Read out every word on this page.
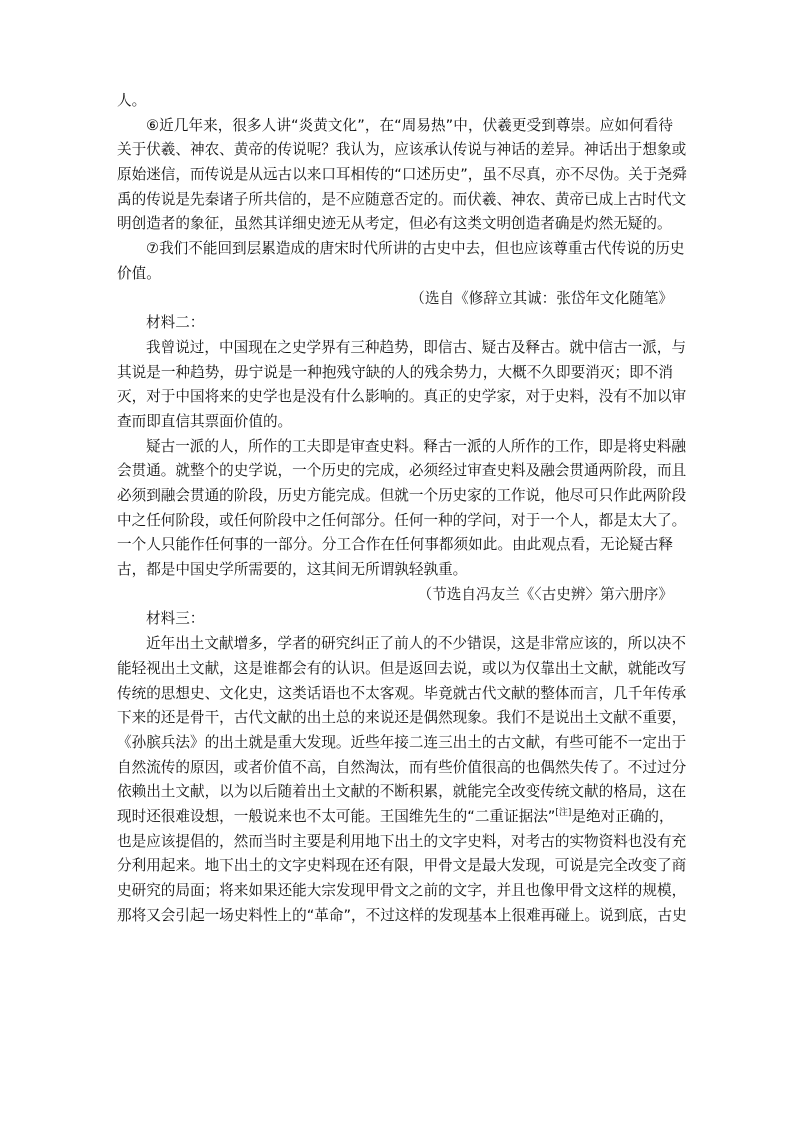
人。
⑥近几年来，很多人讲“炎黄文化”，在“周易热”中，伏羲更受到尊崇。应如何看待
关于伏羲、神农、黄帝的传说呢？我认为，应该承认传说与神话的差异。神话出于想象或
原始迷信，而传说是从远古以来口耳相传的“口述历史”，虽不尽真，亦不尽伪。关于尧舜
禹的传说是先秦诸子所共信的，是不应随意否定的。而伏羲、神农、黄帝已成上古时代文
明创造者的象征，虽然其详细史迹无从考定，但必有这类文明创造者确是灼然无疑的。
⑦我们不能回到层累造成的唐宋时代所讲的古史中去，但也应该尊重古代传说的历史
价值。
（选自《修辞立其诚：张岱年文化随笔》
材料二：
我曾说过，中国现在之史学界有三种趋势，即信古、疑古及释古。就中信古一派，与
其说是一种趋势，毋宁说是一种抱残守缺的人的残余势力，大概不久即要消灭；即不消
灭，对于中国将来的史学也是没有什么影响的。真正的史学家，对于史料，没有不加以审
查而即直信其票面价值的。
疑古一派的人，所作的工夫即是审查史料。释古一派的人所作的工作，即是将史料融
会贯通。就整个的史学说，一个历史的完成，必须经过审查史料及融会贯通两阶段，而且
必须到融会贯通的阶段，历史方能完成。但就一个历史家的工作说，他尽可只作此两阶段
中之任何阶段，或任何阶段中之任何部分。任何一种的学问，对于一个人，都是太大了。
一个人只能作任何事的一部分。分工合作在任何事都须如此。由此观点看，无论疑古释
古，都是中国史学所需要的，这其间无所谓孰轻孰重。
（节选自冯友兰《〈古史辨〉第六册序》
材料三：
近年出土文献增多，学者的研究纠正了前人的不少错误，这是非常应该的，所以决不
能轻视出土文献，这是谁都会有的认识。但是返回去说，或以为仅靠出土文献，就能改写
传统的思想史、文化史，这类话语也不太客观。毕竟就古代文献的整体而言，几千年传承
下来的还是骨干，古代文献的出土总的来说还是偶然现象。我们不是说出土文献不重要，
《孙膑兵法》的出土就是重大发现。近些年接二连三出土的古文献，有些可能不一定出于
自然流传的原因，或者价值不高，自然淘汰，而有些价值很高的也偶然失传了。不过过分
依赖出土文献，以为以后随着出土文献的不断积累，就能完全改变传统文献的格局，这在
现时还很难设想，一般说来也不太可能。王国维先生的“二重证据法”[注]是绝对正确的，
也是应该提倡的，然而当时主要是利用地下出土的文字史料，对考古的实物资料也没有充
分利用起来。地下出土的文字史料现在还有限，甲骨文是最大发现，可说是完全改变了商
史研究的局面；将来如果还能大宗发现甲骨文之前的文字，并且也像甲骨文这样的规模，
那将又会引起一场史料性上的“革命”，不过这样的发现基本上很难再碰上。说到底，古史
